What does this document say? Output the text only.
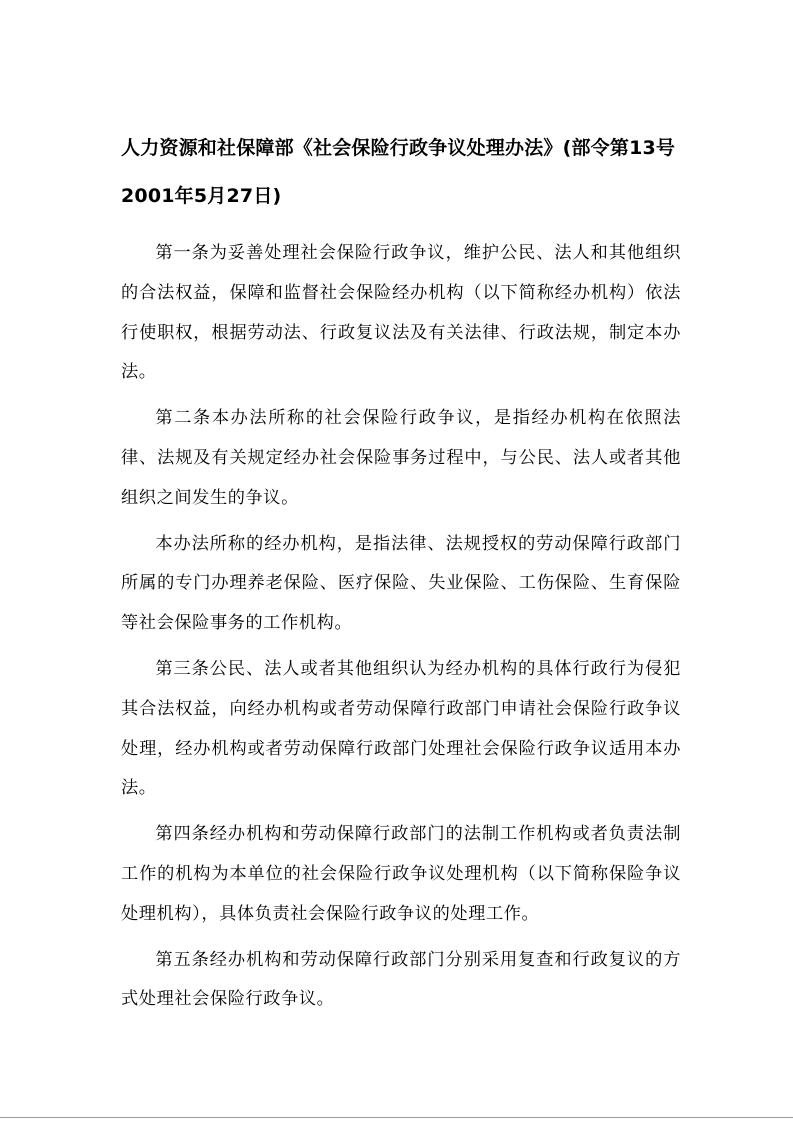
人力资源和社保障部《社会保险行政争议处理办法》(部令第13号2001年5月27日)

第一条为妥善处理社会保险行政争议，维护公民、法人和其他组织的合法权益，保障和监督社会保险经办机构（以下简称经办机构）依法行使职权，根据劳动法、行政复议法及有关法律、行政法规，制定本办法。

第二条本办法所称的社会保险行政争议，是指经办机构在依照法律、法规及有关规定经办社会保险事务过程中，与公民、法人或者其他组织之间发生的争议。

本办法所称的经办机构，是指法律、法规授权的劳动保障行政部门所属的专门办理养老保险、医疗保险、失业保险、工伤保险、生育保险等社会保险事务的工作机构。

第三条公民、法人或者其他组织认为经办机构的具体行政行为侵犯其合法权益，向经办机构或者劳动保障行政部门申请社会保险行政争议处理，经办机构或者劳动保障行政部门处理社会保险行政争议适用本办法。

第四条经办机构和劳动保障行政部门的法制工作机构或者负责法制工作的机构为本单位的社会保险行政争议处理机构（以下简称保险争议处理机构），具体负责社会保险行政争议的处理工作。

第五条经办机构和劳动保障行政部门分别采用复查和行政复议的方式处理社会保险行政争议。
